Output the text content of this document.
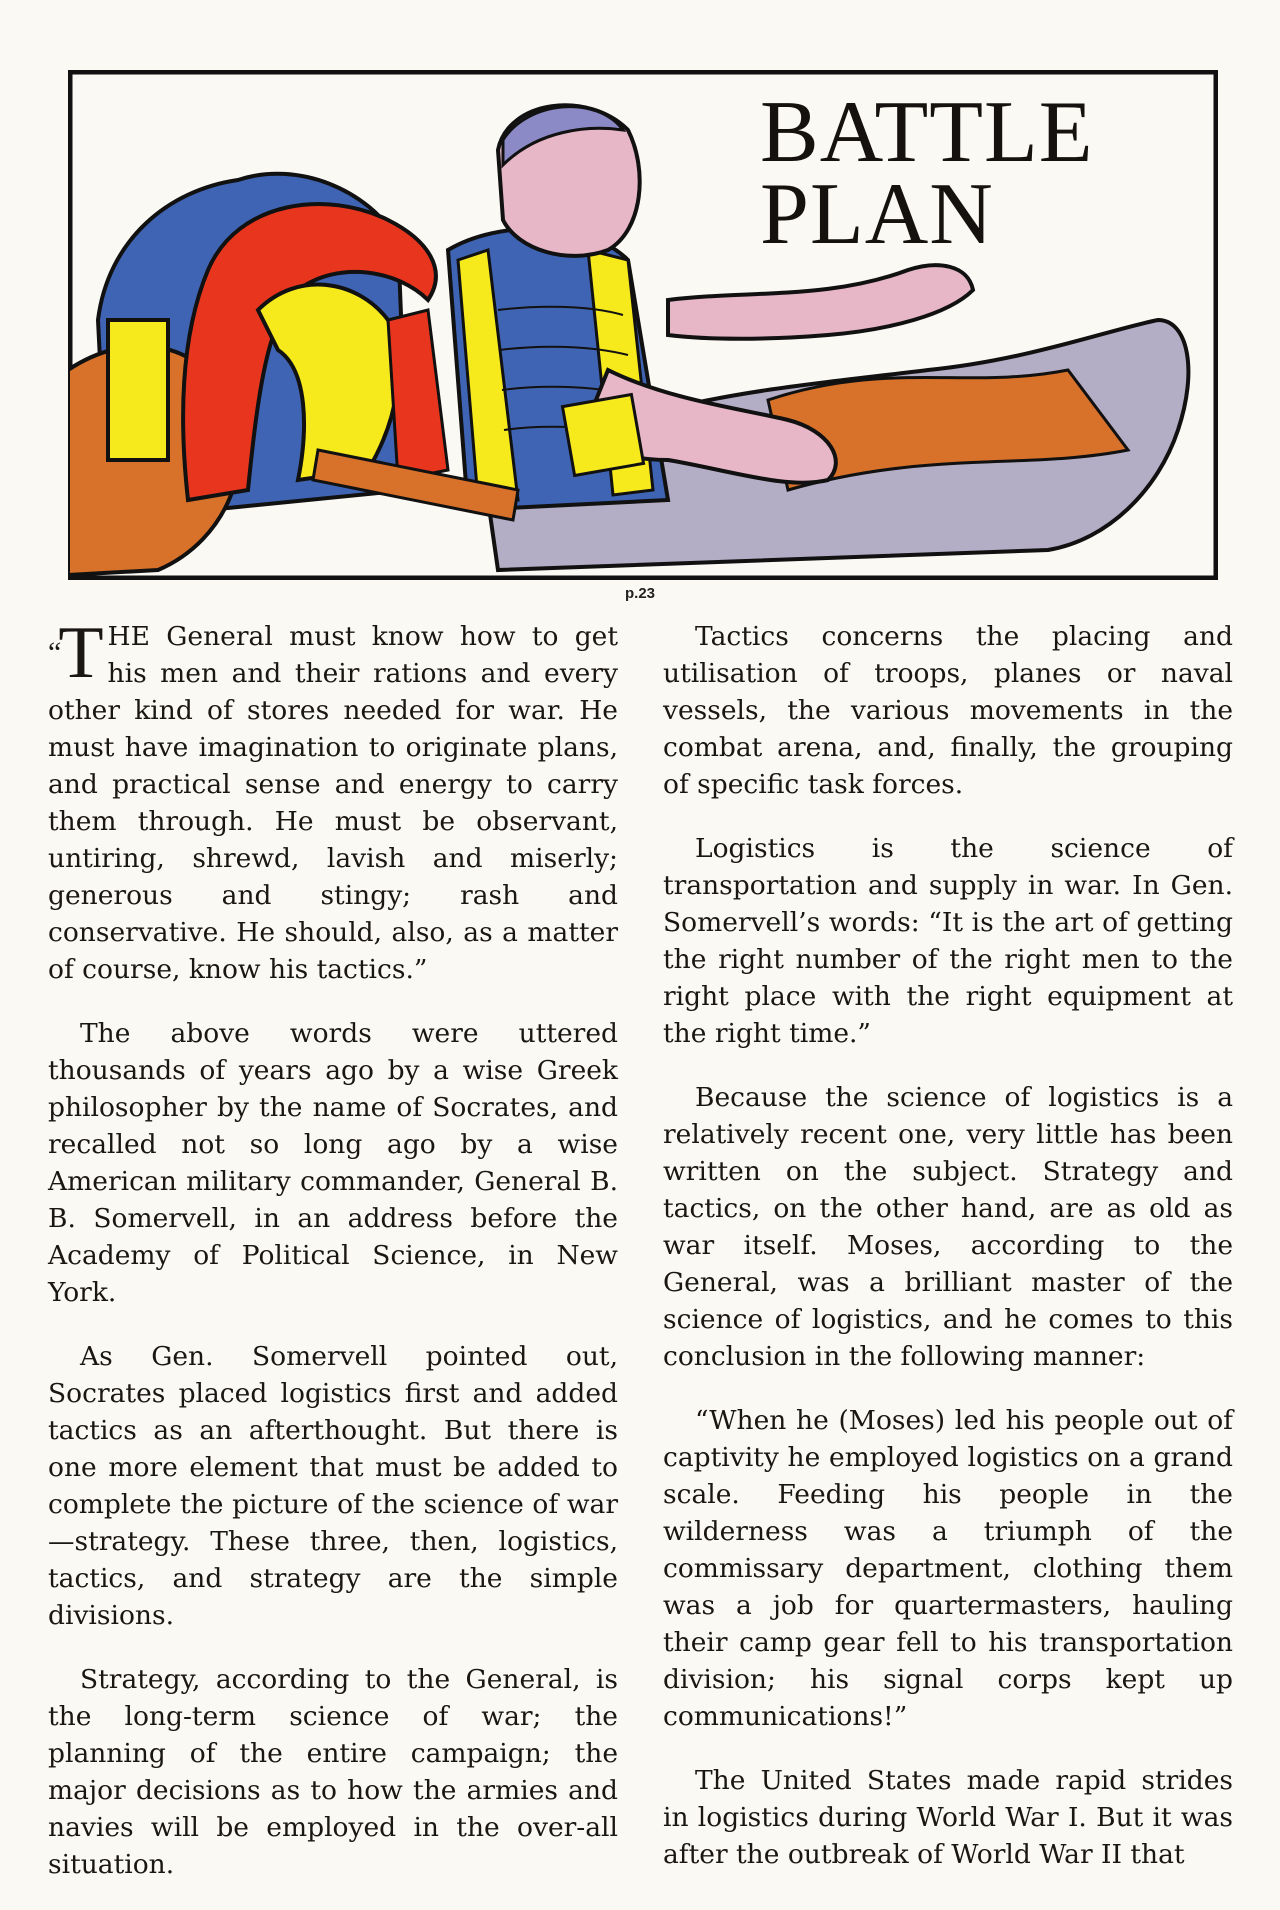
BATTLE
PLAN
p.23

“T HE General must know how to get his men and their rations and every other kind of stores needed for war. He must have imagination to originate plans, and practical sense and energy to carry them through. He must be observant, untiring, shrewd, lavish and miserly; generous and stingy; rash and conservative. He should, also, as a matter of course, know his tactics.”

The above words were uttered thousands of years ago by a wise Greek philosopher by the name of Socrates, and recalled not so long ago by a wise American military commander, General B. B. Somervell, in an address before the Academy of Political Science, in New York.

As Gen. Somervell pointed out, Socrates placed logistics first and added tactics as an afterthought. But there is one more element that must be added to complete the picture of the science of war—strategy. These three, then, logistics, tactics, and strategy are the simple divisions.

Strategy, according to the General, is the long-term science of war; the planning of the entire campaign; the major decisions as to how the armies and navies will be employed in the over-all situation.

Tactics concerns the placing and utilisation of troops, planes or naval vessels, the various movements in the combat arena, and, finally, the grouping of specific task forces.

Logistics is the science of transportation and supply in war. In Gen. Somervell’s words: “It is the art of getting the right number of the right men to the right place with the right equipment at the right time.”

Because the science of logistics is a relatively recent one, very little has been written on the subject. Strategy and tactics, on the other hand, are as old as war itself. Moses, according to the General, was a brilliant master of the science of logistics, and he comes to this conclusion in the following manner:

“When he (Moses) led his people out of captivity he employed logistics on a grand scale. Feeding his people in the wilderness was a triumph of the commissary department, clothing them was a job for quartermasters, hauling their camp gear fell to his transportation division; his signal corps kept up communications!”

The United States made rapid strides in logistics during World War I. But it was after the outbreak of World War II that
